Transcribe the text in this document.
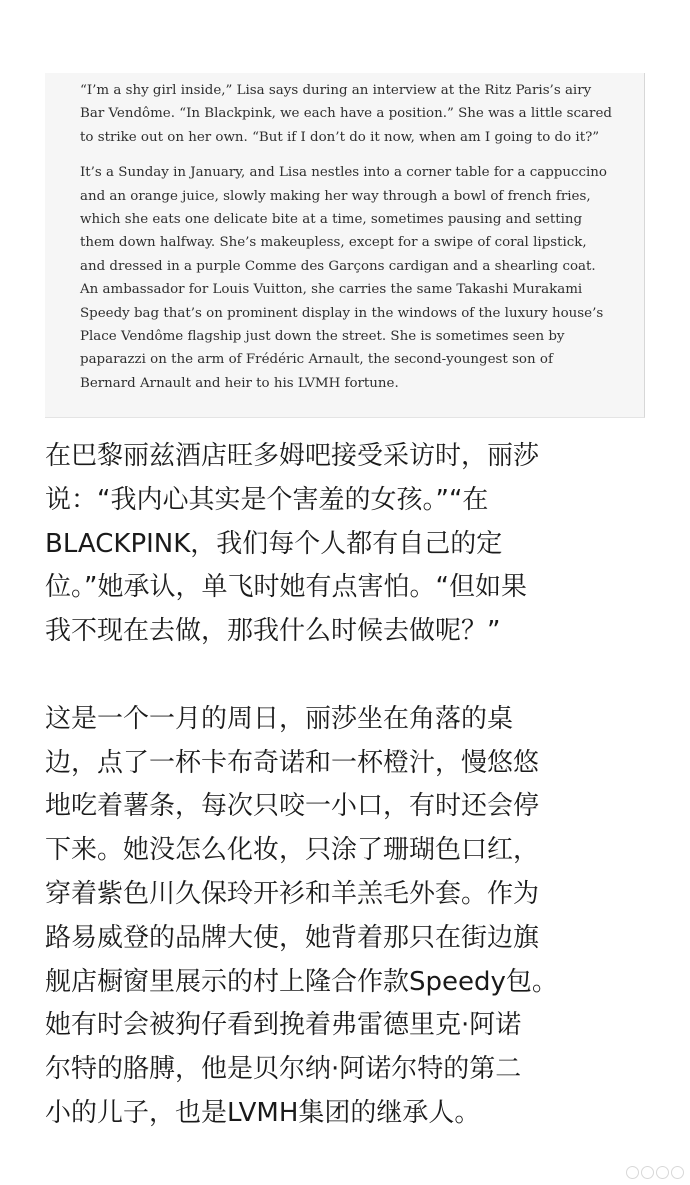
“I’m a shy girl inside,” Lisa says during an interview at the Ritz Paris’s airy
Bar Vendôme. “In Blackpink, we each have a position.” She was a little scared
to strike out on her own. “But if I don’t do it now, when am I going to do it?”

It’s a Sunday in January, and Lisa nestles into a corner table for a cappuccino
and an orange juice, slowly making her way through a bowl of french fries,
which she eats one delicate bite at a time, sometimes pausing and setting
them down halfway. She’s makeupless, except for a swipe of coral lipstick,
and dressed in a purple Comme des Garçons cardigan and a shearling coat.
An ambassador for Louis Vuitton, she carries the same Takashi Murakami
Speedy bag that’s on prominent display in the windows of the luxury house’s
Place Vendôme flagship just down the street. She is sometimes seen by
paparazzi on the arm of Frédéric Arnault, the second-youngest son of
Bernard Arnault and heir to his LVMH fortune.

在巴黎丽兹酒店旺多姆吧接受采访时，丽莎
说：“我内心其实是个害羞的女孩。”“在
BLACKPINK，我们每个人都有自己的定
位。”她承认，单飞时她有点害怕。“但如果
我不现在去做，那我什么时候去做呢？”

这是一个一月的周日，丽莎坐在角落的桌
边，点了一杯卡布奇诺和一杯橙汁，慢悠悠
地吃着薯条，每次只咬一小口，有时还会停
下来。她没怎么化妆，只涂了珊瑚色口红，
穿着紫色川久保玲开衫和羊羔毛外套。作为
路易威登的品牌大使，她背着那只在街边旗
舰店橱窗里展示的村上隆合作款Speedy包。
她有时会被狗仔看到挽着弗雷德里克·阿诺
尔特的胳膊，他是贝尔纳·阿诺尔特的第二
小的儿子，也是LVMH集团的继承人。
